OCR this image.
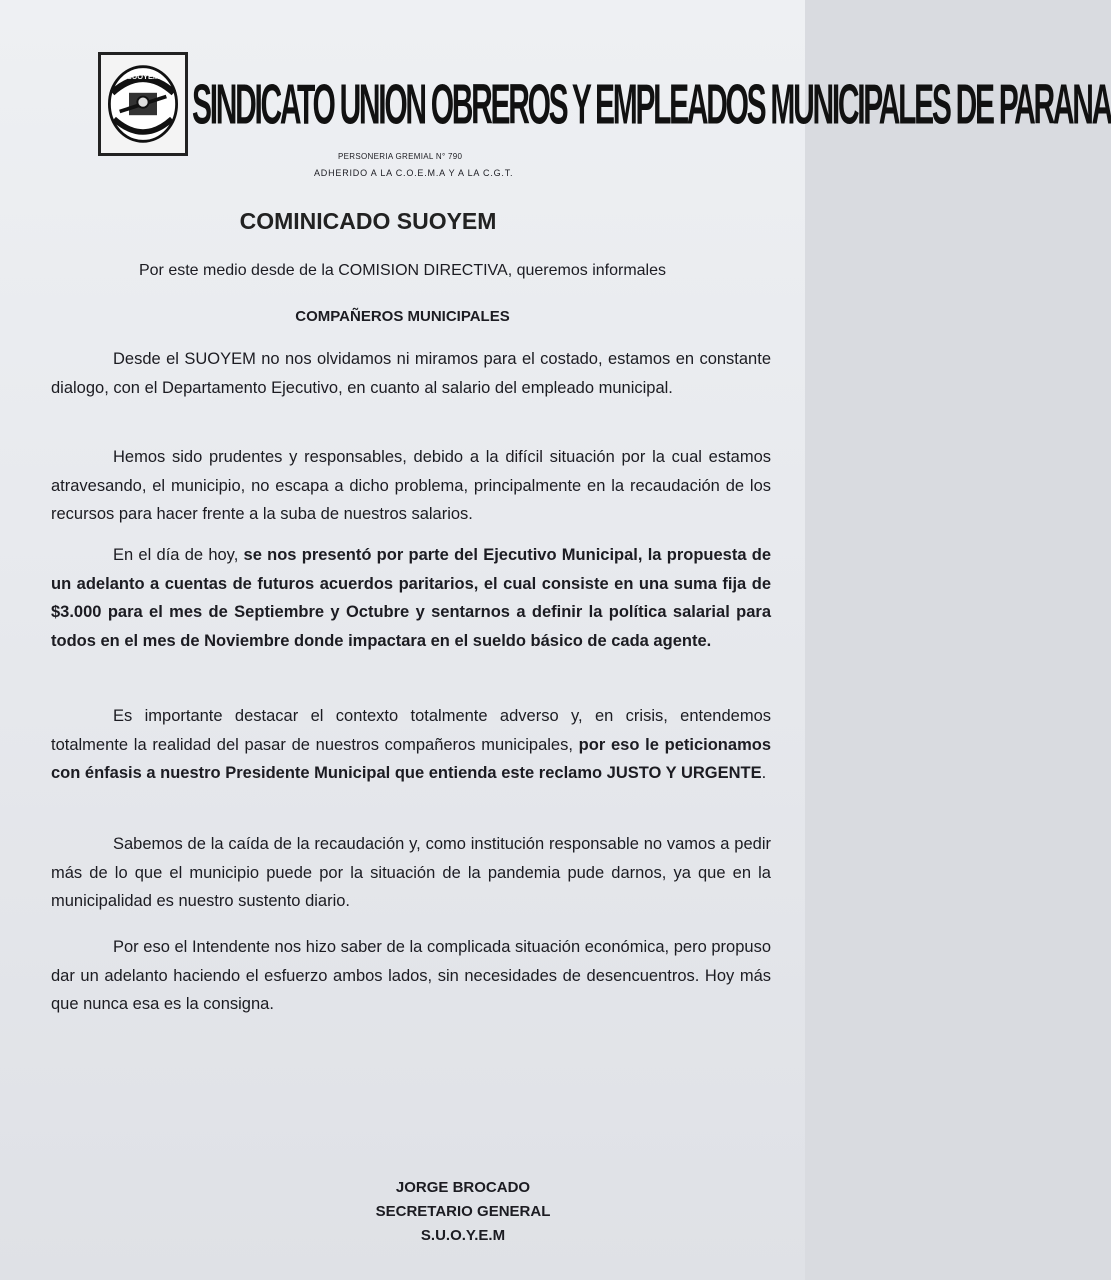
SUOYEM SINDICATO UNION OBREROS Y EMPLEADOS MUNICIPALES DE PARANA
PERSONERIA GREMIAL N° 790
ADHERIDO A LA C.O.E.M.A Y A LA C.G.T.
COMINICADO SUOYEM
Por este medio desde de la COMISION DIRECTIVA, queremos informales
COMPAÑEROS MUNICIPALES
Desde el SUOYEM no nos olvidamos ni miramos para el costado, estamos en constante dialogo, con el Departamento Ejecutivo, en cuanto al salario del empleado municipal.
Hemos sido prudentes y responsables, debido a la difícil situación por la cual estamos atravesando, el municipio, no escapa a dicho problema, principalmente en la recaudación de los recursos para hacer frente a la suba de nuestros salarios.
En el día de hoy, se nos presentó por parte del Ejecutivo Municipal, la propuesta de un adelanto a cuentas de futuros acuerdos paritarios, el cual consiste en una suma fija de $3.000 para el mes de Septiembre y Octubre y sentarnos a definir la política salarial para todos en el mes de Noviembre donde impactara en el sueldo básico de cada agente.
Es importante destacar el contexto totalmente adverso y, en crisis, entendemos totalmente la realidad del pasar de nuestros compañeros municipales, por eso le peticionamos con énfasis a nuestro Presidente Municipal que entienda este reclamo JUSTO Y URGENTE.
Sabemos de la caída de la recaudación y, como institución responsable no vamos a pedir más de lo que el municipio puede por la situación de la pandemia pude darnos, ya que en la municipalidad es nuestro sustento diario.
Por eso el Intendente nos hizo saber de la complicada situación económica, pero propuso dar un adelanto haciendo el esfuerzo ambos lados, sin necesidades de desencuentros. Hoy más que nunca esa es la consigna.
JORGE BROCADO
SECRETARIO GENERAL
S.U.O.Y.E.M
